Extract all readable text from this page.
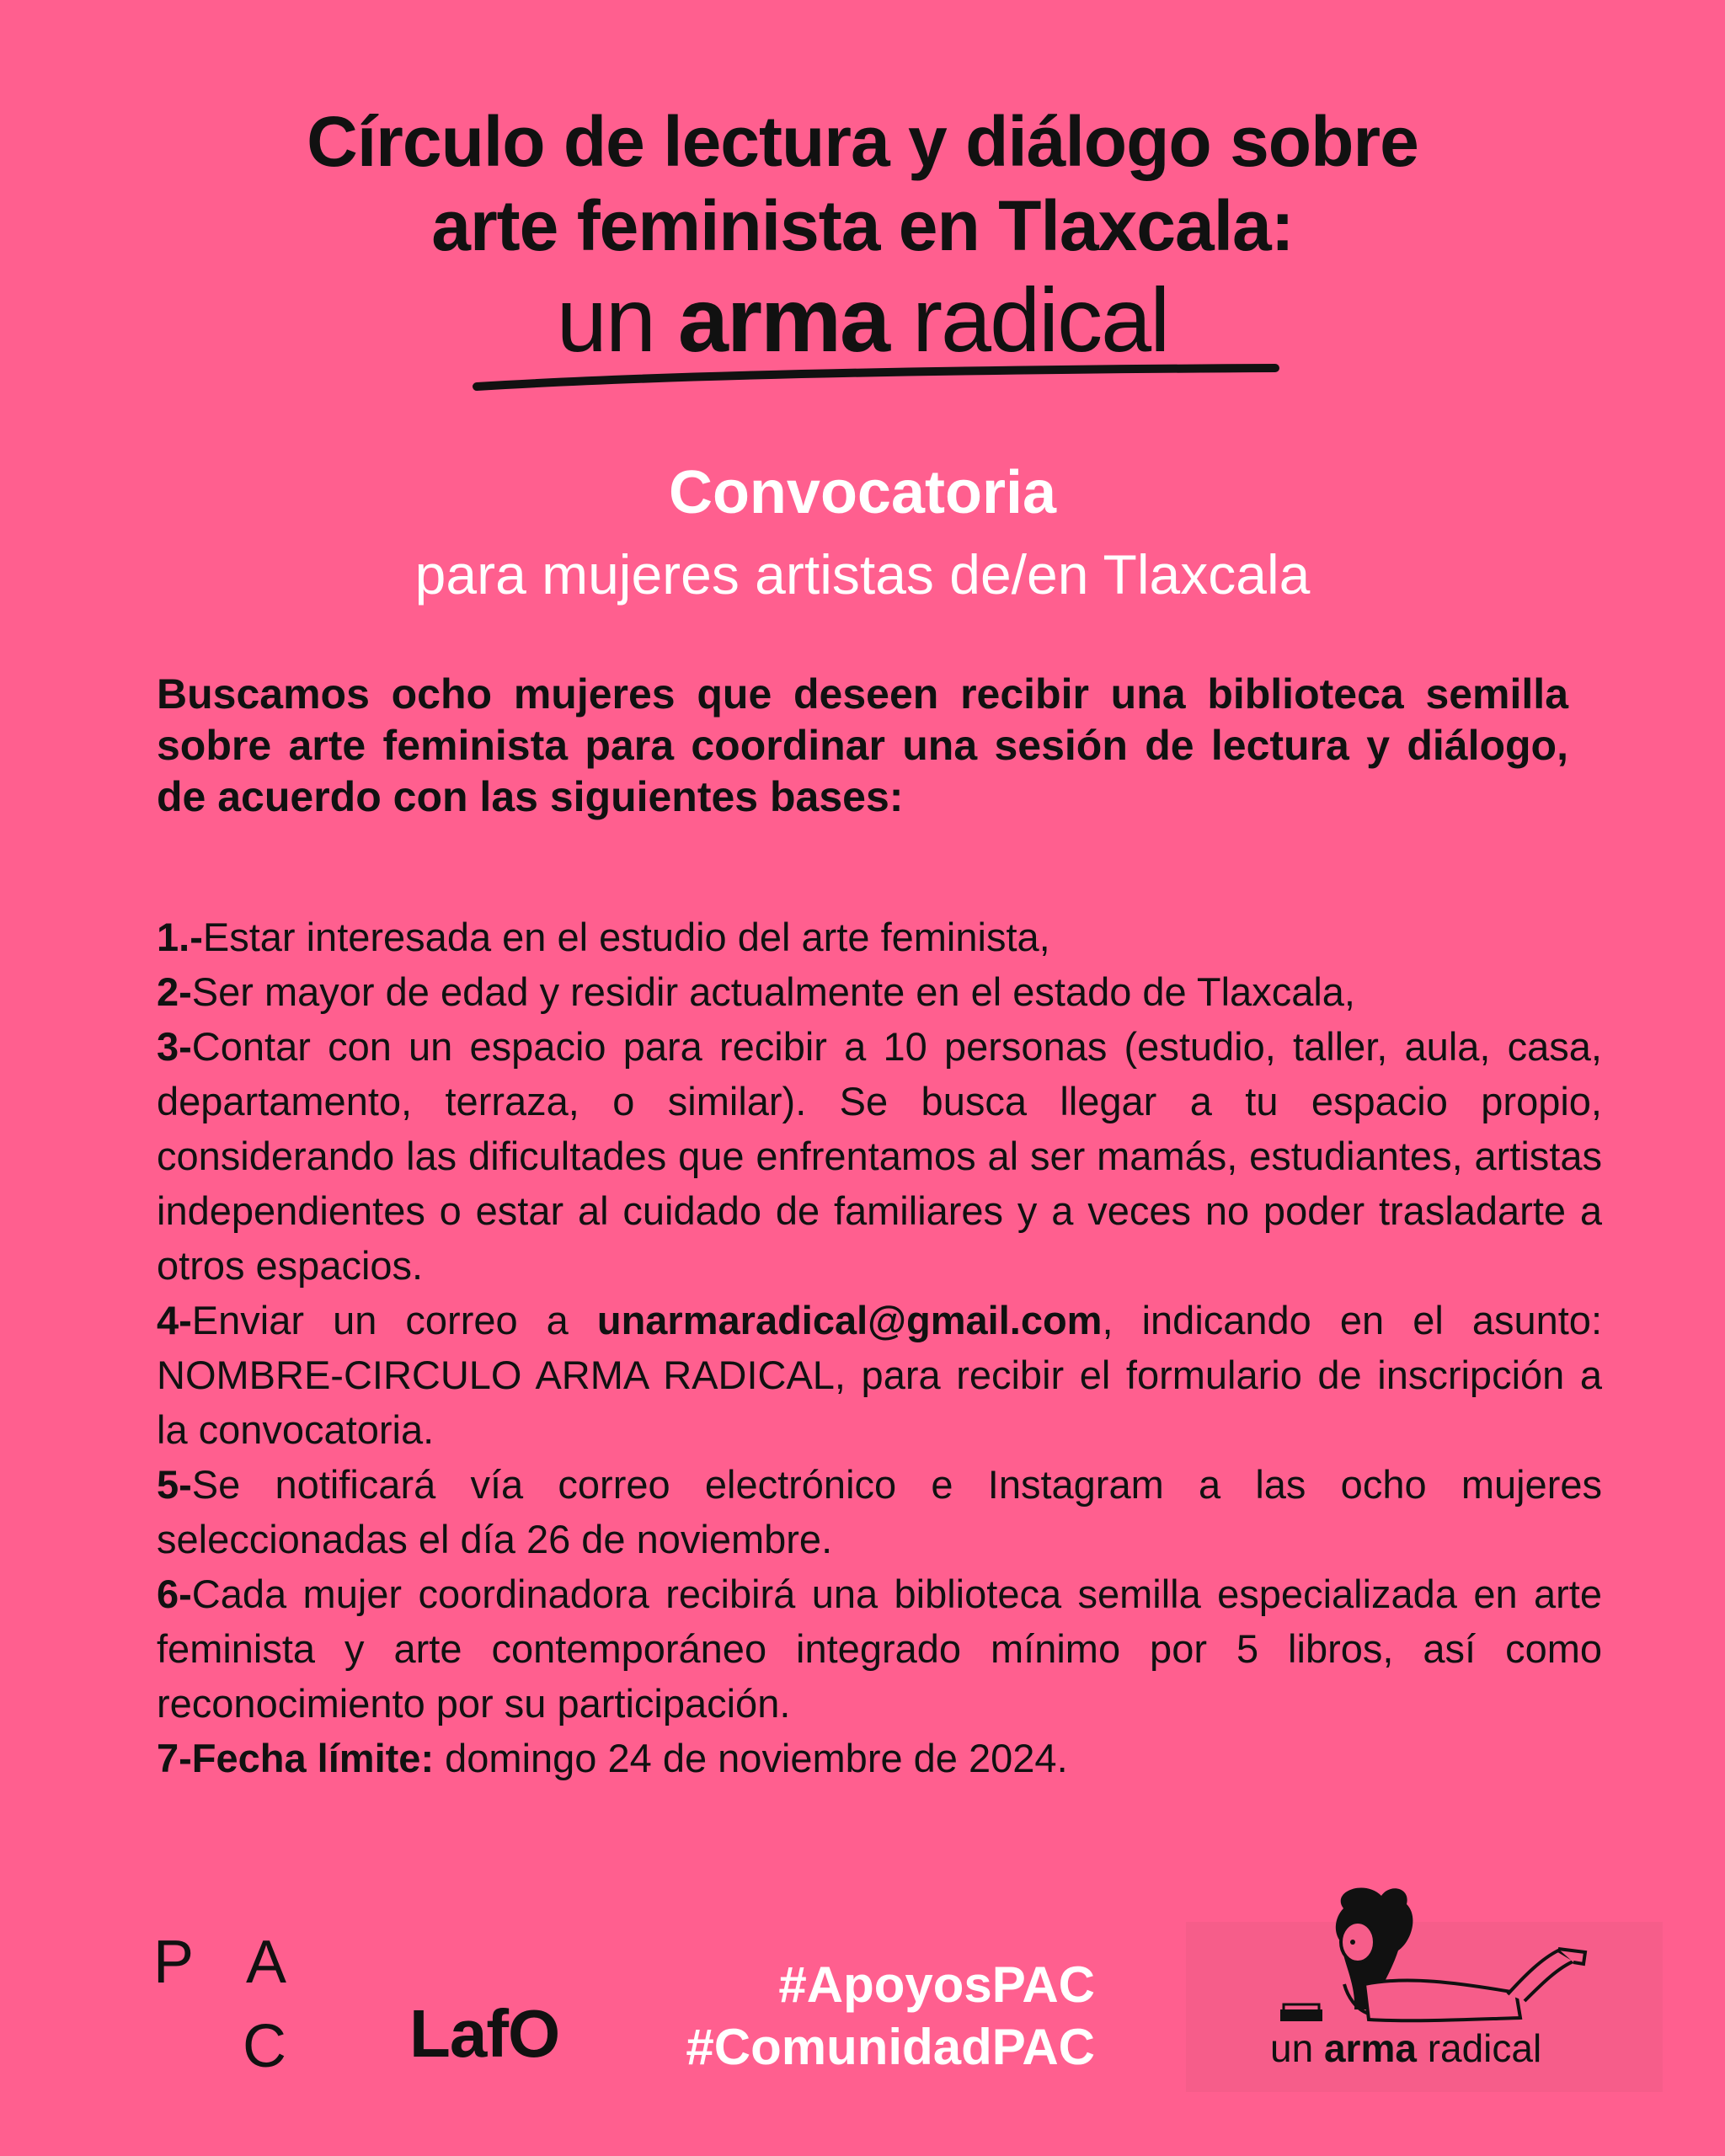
Círculo de lectura y diálogo sobre
arte feminista en Tlaxcala:
un arma radical
Convocatoria
para mujeres artistas de/en Tlaxcala
Buscamos ocho mujeres que deseen recibir una biblioteca semilla sobre arte feminista para coordinar una sesión de lectura y diálogo, de acuerdo con las siguientes bases:
1.-Estar interesada en el estudio del arte feminista,
2-Ser mayor de edad y residir actualmente en el estado de Tlaxcala,
3-Contar con un espacio para recibir a 10 personas (estudio, taller, aula, casa, departamento, terraza, o similar). Se busca llegar a tu espacio propio, considerando las dificultades que enfrentamos al ser mamás, estudiantes, artistas independientes o estar al cuidado de familiares y a veces no poder trasladarte a otros espacios.
4-Enviar un correo a unarmaradical@gmail.com, indicando en el asunto: NOMBRE-CIRCULO ARMA RADICAL, para recibir el formulario de inscripción a la convocatoria.
5-Se notificará vía correo electrónico e Instagram a las ocho mujeres seleccionadas el día 26 de noviembre.
6-Cada mujer coordinadora recibirá una biblioteca semilla especializada en arte feminista y arte contemporáneo integrado mínimo por 5 libros, así como reconocimiento por su participación.
7-Fecha límite: domingo 24 de noviembre de 2024.
P A
C LafO
#ApoyosPAC
#ComunidadPAC	un arma radical
